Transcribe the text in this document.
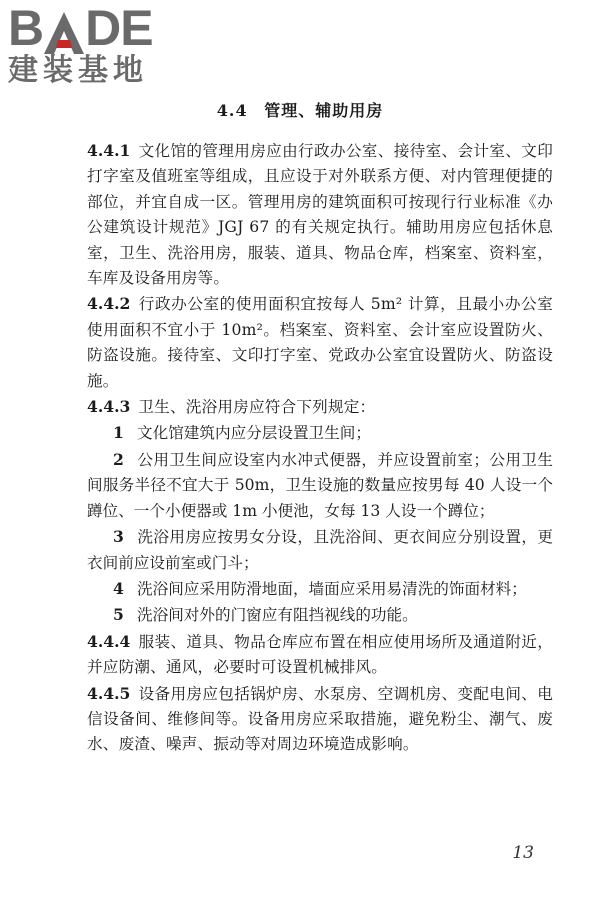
B DE
建装基地
4.4 管理、辅助用房

4.4.1 文化馆的管理用房应由行政办公室、接待室、会计室、文印打字室及值班室等组成，且应设于对外联系方便、对内管理便捷的部位，并宜自成一区。管理用房的建筑面积可按现行行业标准《办公建筑设计规范》JGJ 67 的有关规定执行。辅助用房应包括休息室，卫生、洗浴用房，服装、道具、物品仓库，档案室、资料室，车库及设备用房等。

4.4.2 行政办公室的使用面积宜按每人 5m² 计算，且最小办公室使用面积不宜小于 10m²。档案室、资料室、会计室应设置防火、防盗设施。接待室、文印打字室、党政办公室宜设置防火、防盗设施。

4.4.3 卫生、洗浴用房应符合下列规定：

1 文化馆建筑内应分层设置卫生间；

2 公用卫生间应设室内水冲式便器，并应设置前室；公用卫生间服务半径不宜大于 50m，卫生设施的数量应按男每 40 人设一个蹲位、一个小便器或 1m 小便池，女每 13 人设一个蹲位；

3 洗浴用房应按男女分设，且洗浴间、更衣间应分别设置，更衣间前应设前室或门斗；

4 洗浴间应采用防滑地面，墙面应采用易清洗的饰面材料；

5 洗浴间对外的门窗应有阻挡视线的功能。

4.4.4 服装、道具、物品仓库应布置在相应使用场所及通道附近，并应防潮、通风，必要时可设置机械排风。

4.4.5 设备用房应包括锅炉房、水泵房、空调机房、变配电间、电信设备间、维修间等。设备用房应采取措施，避免粉尘、潮气、废水、废渣、噪声、振动等对周边环境造成影响。

13
